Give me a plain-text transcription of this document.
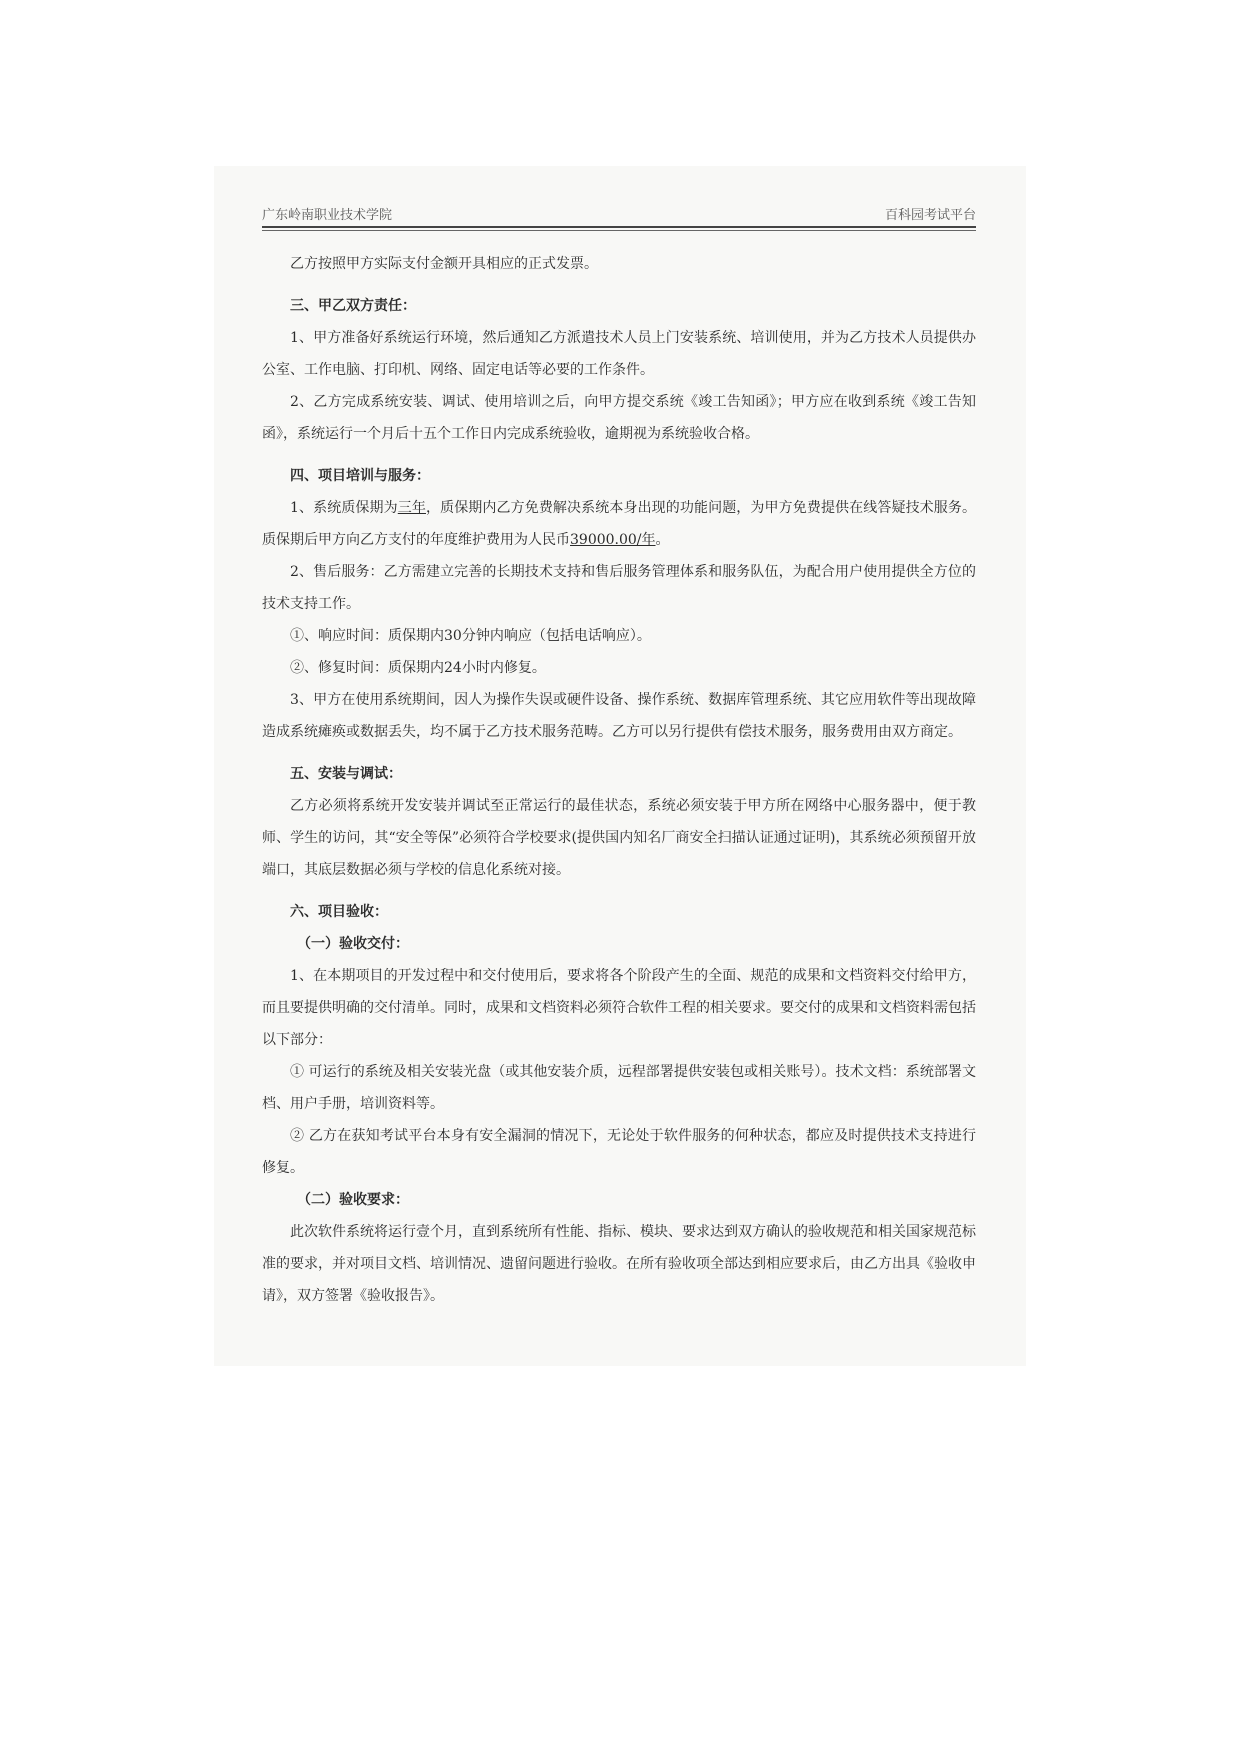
广东岭南职业技术学院	百科园考试平台

乙方按照甲方实际支付金额开具相应的正式发票。

三、甲乙双方责任：

1、甲方准备好系统运行环境，然后通知乙方派遣技术人员上门安装系统、培训使用，并为乙方技术人员提供办公室、工作电脑、打印机、网络、固定电话等必要的工作条件。

2、乙方完成系统安装、调试、使用培训之后，向甲方提交系统《竣工告知函》；甲方应在收到系统《竣工告知函》，系统运行一个月后十五个工作日内完成系统验收，逾期视为系统验收合格。

四、项目培训与服务：

1、系统质保期为三年，质保期内乙方免费解决系统本身出现的功能问题，为甲方免费提供在线答疑技术服务。质保期后甲方向乙方支付的年度维护费用为人民币39000.00/年。

2、售后服务：乙方需建立完善的长期技术支持和售后服务管理体系和服务队伍，为配合用户使用提供全方位的技术支持工作。

①、响应时间：质保期内30分钟内响应（包括电话响应）。

②、修复时间：质保期内24小时内修复。

3、甲方在使用系统期间，因人为操作失误或硬件设备、操作系统、数据库管理系统、其它应用软件等出现故障造成系统瘫痪或数据丢失，均不属于乙方技术服务范畴。乙方可以另行提供有偿技术服务，服务费用由双方商定。

五、安装与调试：

乙方必须将系统开发安装并调试至正常运行的最佳状态，系统必须安装于甲方所在网络中心服务器中，便于教师、学生的访问，其“安全等保”必须符合学校要求(提供国内知名厂商安全扫描认证通过证明)，其系统必须预留开放端口，其底层数据必须与学校的信息化系统对接。

六、项目验收：

（一）验收交付：

1、在本期项目的开发过程中和交付使用后，要求将各个阶段产生的全面、规范的成果和文档资料交付给甲方，而且要提供明确的交付清单。同时，成果和文档资料必须符合软件工程的相关要求。要交付的成果和文档资料需包括以下部分：

① 可运行的系统及相关安装光盘（或其他安装介质，远程部署提供安装包或相关账号）。技术文档：系统部署文档、用户手册，培训资料等。

② 乙方在获知考试平台本身有安全漏洞的情况下，无论处于软件服务的何种状态，都应及时提供技术支持进行修复。

（二）验收要求：

此次软件系统将运行壹个月，直到系统所有性能、指标、模块、要求达到双方确认的验收规范和相关国家规范标准的要求，并对项目文档、培训情况、遗留问题进行验收。在所有验收项全部达到相应要求后，由乙方出具《验收申请》，双方签署《验收报告》。
